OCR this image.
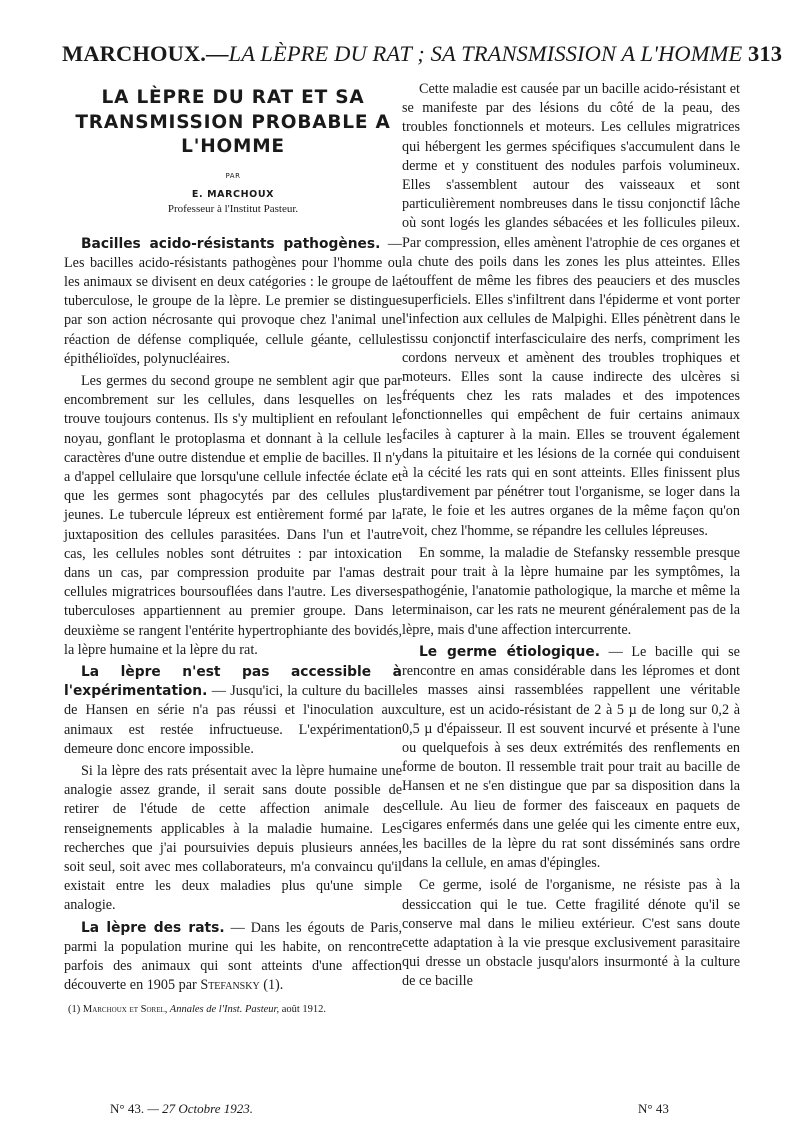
MARCHOUX.—LA LÈPRE DU RAT ; SA TRANSMISSION A L'HOMME 313
LA LÈPRE DU RAT ET SA
TRANSMISSION PROBABLE A
L'HOMME
PAR
E. MARCHOUX
Professeur à l'Institut Pasteur.

Bacilles acido-résistants pathogènes. — Les bacilles acido-résistants pathogènes pour l'homme ou les animaux se divisent en deux catégories : le groupe de la tuberculose, le groupe de la lèpre. Le premier se distingue par son action nécrosante qui provoque chez l'animal une réaction de défense compliquée, cellule géante, cellules épithélioïdes, polynucléaires.

Les germes du second groupe ne semblent agir que par encombrement sur les cellules, dans lesquelles on les trouve toujours contenus. Ils s'y multiplient en refoulant le noyau, gonflant le protoplasma et donnant à la cellule les caractères d'une outre distendue et emplie de bacilles. Il n'y a d'appel cellulaire que lorsqu'une cellule infectée éclate et que les germes sont phagocytés par des cellules plus jeunes. Le tubercule lépreux est entièrement formé par la juxtaposition des cellules parasitées. Dans l'un et l'autre cas, les cellules nobles sont détruites : par intoxication dans un cas, par compression produite par l'amas des cellules migratrices boursouflées dans l'autre. Les diverses tuberculoses appartiennent au premier groupe. Dans le deuxième se rangent l'entérite hypertrophiante des bovidés, la lèpre humaine et la lèpre du rat.

La lèpre n'est pas accessible à l'expérimentation. — Jusqu'ici, la culture du bacille de Hansen en série n'a pas réussi et l'inoculation aux animaux est restée infructueuse. L'expérimentation demeure donc encore impossible.

Si la lèpre des rats présentait avec la lèpre humaine une analogie assez grande, il serait sans doute possible de retirer de l'étude de cette affection animale des renseignements applicables à la maladie humaine. Les recherches que j'ai poursuivies depuis plusieurs années, soit seul, soit avec mes collaborateurs, m'a convaincu qu'il existait entre les deux maladies plus qu'une simple analogie.

La lèpre des rats. — Dans les égouts de Paris, parmi la population murine qui les habite, on rencontre parfois des animaux qui sont atteints d'une affection découverte en 1905 par Stefansky (1).

(1) Marchoux et Sorel, Annales de l'Inst. Pasteur, août 1912.

Cette maladie est causée par un bacille acido-résistant et se manifeste par des lésions du côté de la peau, des troubles fonctionnels et moteurs. Les cellules migratrices qui hébergent les germes spécifiques s'accumulent dans le derme et y constituent des nodules parfois volumineux. Elles s'assemblent autour des vaisseaux et sont particulièrement nombreuses dans le tissu conjonctif lâche où sont logés les glandes sébacées et les follicules pileux. Par compression, elles amènent l'atrophie de ces organes et la chute des poils dans les zones les plus atteintes. Elles étouffent de même les fibres des peauciers et des muscles superficiels. Elles s'infiltrent dans l'épiderme et vont porter l'infection aux cellules de Malpighi. Elles pénètrent dans le tissu conjonctif interfasciculaire des nerfs, compriment les cordons nerveux et amènent des troubles trophiques et moteurs. Elles sont la cause indirecte des ulcères si fréquents chez les rats malades et des impotences fonctionnelles qui empêchent de fuir certains animaux faciles à capturer à la main. Elles se trouvent également dans la pituitaire et les lésions de la cornée qui conduisent à la cécité les rats qui en sont atteints. Elles finissent plus tardivement par pénétrer tout l'organisme, se loger dans la rate, le foie et les autres organes de la même façon qu'on voit, chez l'homme, se répandre les cellules lépreuses.

En somme, la maladie de Stefansky ressemble presque trait pour trait à la lèpre humaine par les symptômes, la pathogénie, l'anatomie pathologique, la marche et même la terminaison, car les rats ne meurent généralement pas de la lèpre, mais d'une affection intercurrente.

Le germe étiologique. — Le bacille qui se rencontre en amas considérable dans les lépromes et dont les masses ainsi rassemblées rappellent une véritable culture, est un acido-résistant de 2 à 5 µ de long sur 0,2 à 0,5 µ d'épaisseur. Il est souvent incurvé et présente à l'une ou quelquefois à ses deux extrémités des renflements en forme de bouton. Il ressemble trait pour trait au bacille de Hansen et ne s'en distingue que par sa disposition dans la cellule. Au lieu de former des faisceaux en paquets de cigares enfermés dans une gelée qui les cimente entre eux, les bacilles de la lèpre du rat sont disséminés sans ordre dans la cellule, en amas d'épingles.

Ce germe, isolé de l'organisme, ne résiste pas à la dessiccation qui le tue. Cette fragilité dénote qu'il se conserve mal dans le milieu extérieur. C'est sans doute cette adaptation à la vie presque exclusivement parasitaire qui dresse un obstacle jusqu'alors insurmonté à la culture de ce bacille

N° 43. — 27 Octobre 1923.	N° 43
